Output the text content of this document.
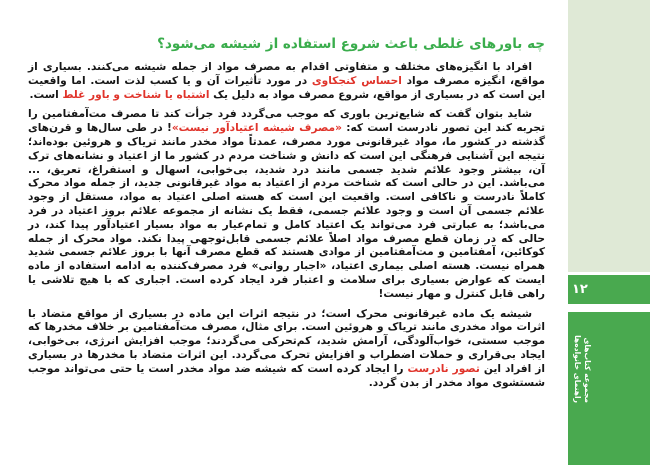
چه باورهای غلطی باعث شروع استفاده از شیشه می‌شود؟

افراد با انگیزه‌های مختلف و متفاوتی اقدام به مصرف مواد از جمله شیشه می‌کنند. بسیاری از مواقع، انگیزه مصرف مواد احساس کنجکاوی در مورد تأثیرات آن و یا کسب لذت است. اما واقعیت این است که در بسیاری از مواقع، شروع مصرف مواد به دلیل یک اشتباه یا شناخت و باور غلط است.

شاید بتوان گفت که شایع‌ترین باوری که موجب می‌گردد فرد جرأت کند تا مصرف مت‌آمفتامین را تجربه کند این تصور نادرست است که: «مصرف شیشه اعتیادآور نیست»! در طی سال‌ها و قرن‌های گذشته در کشور ما، مواد غیرقانونی مورد مصرف، عمدتاً مواد مخدر مانند تریاک و هروئین بوده‌اند؛ نتیجه این آشنایی فرهنگی این است که دانش و شناخت مردم در کشور ما از اعتیاد و نشانه‌های ترک آن، بیشتر وجود علائم شدید جسمی مانند درد شدید، بی‌خوابی، اسهال و استفراغ، تعریق، ... می‌باشد. این در حالی است که شناخت مردم از اعتیاد به مواد غیرقانونی جدید، از جمله مواد محرک کاملاً نادرست و ناکافی است. واقعیت این است که هسته اصلی اعتیاد به مواد، مستقل از وجود علائم جسمی آن است و وجود علائم جسمی، فقط یک نشانه از مجموعه علائم بروز اعتیاد در فرد می‌باشد؛ به عبارتی فرد می‌تواند یک اعتیاد کامل و تمام‌عیار به مواد بسیار اعتیادآور پیدا کند، در حالی که در زمان قطع مصرف مواد اصلاً علائم جسمی قابل‌توجهی پیدا نکند. مواد محرک از جمله کوکائین، آمفتامین و مت‌آمفتامین از موادی هستند که قطع مصرف آنها با بروز علائم جسمی شدید همراه نیست. هسته اصلی بیماری اعتیاد، «اجبار روانی» فرد مصرف‌کننده به ادامه استفاده از ماده ایست که عوارض بسیاری برای سلامت و اعتبار فرد ایجاد کرده است. اجباری که با هیچ تلاشی یا راهی قابل کنترل و مهار نیست!

شیشه یک ماده غیرقانونی محرک است؛ در نتیجه اثرات این ماده در بسیاری از مواقع متضاد با اثرات مواد مخدری مانند تریاک و هروئین است. برای مثال، مصرف مت‌آمفتامین بر خلاف مخدرها که موجب سستی، خواب‌آلودگی، آرامش شدید، کم‌تحرکی می‌گردند؛ موجب افزایش انرژی، بی‌خوابی، ایجاد بی‌قراری و حملات اضطراب و افزایش تحرک می‌گردد. این اثرات متضاد با مخدرها در بسیاری از افراد این تصور نادرست را ایجاد کرده است که شیشه ضد مواد مخدر است یا حتی می‌تواند موجب شستشوی مواد مخدر از بدن گردد.

۱۲
مجموعه کتاب‌های
راهنمای خانواده‌ها
